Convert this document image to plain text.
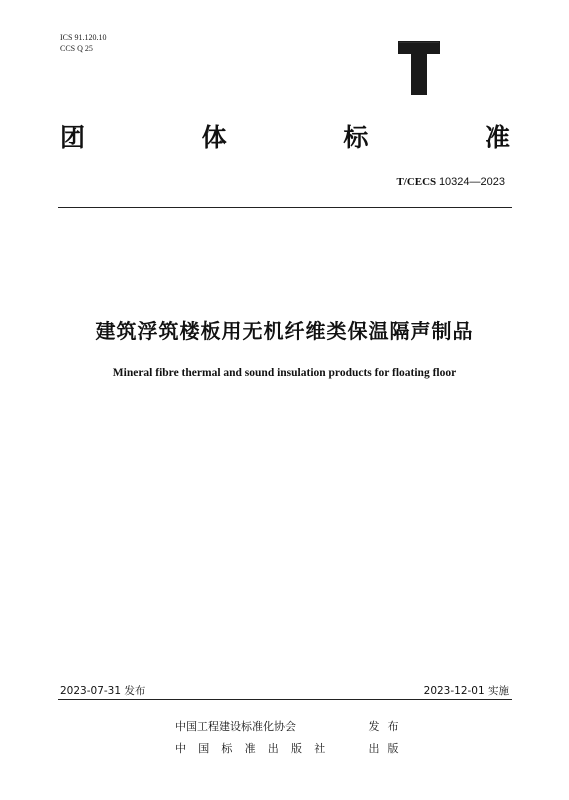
ICS 91.120.10
CCS Q 25
团	体	标	准
T/CECS 10324—2023
建筑浮筑楼板用无机纤维类保温隔声制品
Mineral fibre thermal and sound insulation products for floating floor
2023-07-31 发布	2023-12-01 实施
中国工程建设标准化协会	发布
中国标准出版社	出版
